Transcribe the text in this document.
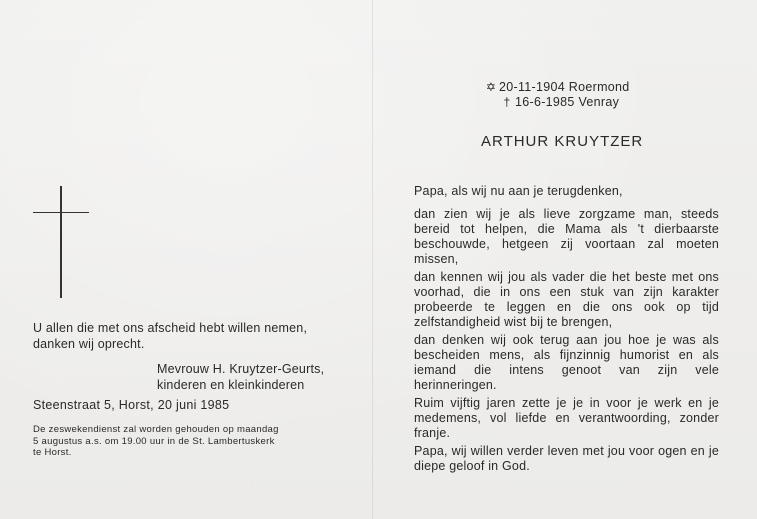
U allen die met ons afscheid hebt willen nemen,
danken wij oprecht.
Mevrouw H. Kruytzer-Geurts,
kinderen en kleinkinderen
Steenstraat 5, Horst, 20 juni 1985
De zeswekendienst zal worden gehouden op maandag
5 augustus a.s. om 19.00 uur in de St. Lambertuskerk
te Horst.
✡ 20-11-1904 Roermond
† 16-6-1985 Venray
ARTHUR KRUYTZER

Papa, als wij nu aan je terugdenken,

dan zien wij je als lieve zorgzame man, steeds bereid tot helpen, die Mama als 't dierbaarste beschouwde, hetgeen zij voortaan zal moeten missen,

dan kennen wij jou als vader die het beste met ons voorhad, die in ons een stuk van zijn karakter probeerde te leggen en die ons ook op tijd zelfstandigheid wist bij te brengen,

dan denken wij ook terug aan jou hoe je was als bescheiden mens, als fijnzinnig humorist en als iemand die intens genoot van zijn vele herinneringen.

Ruim vijftig jaren zette je je in voor je werk en je medemens, vol liefde en verantwoording, zonder franje.

Papa, wij willen verder leven met jou voor ogen en je diepe geloof in God.
